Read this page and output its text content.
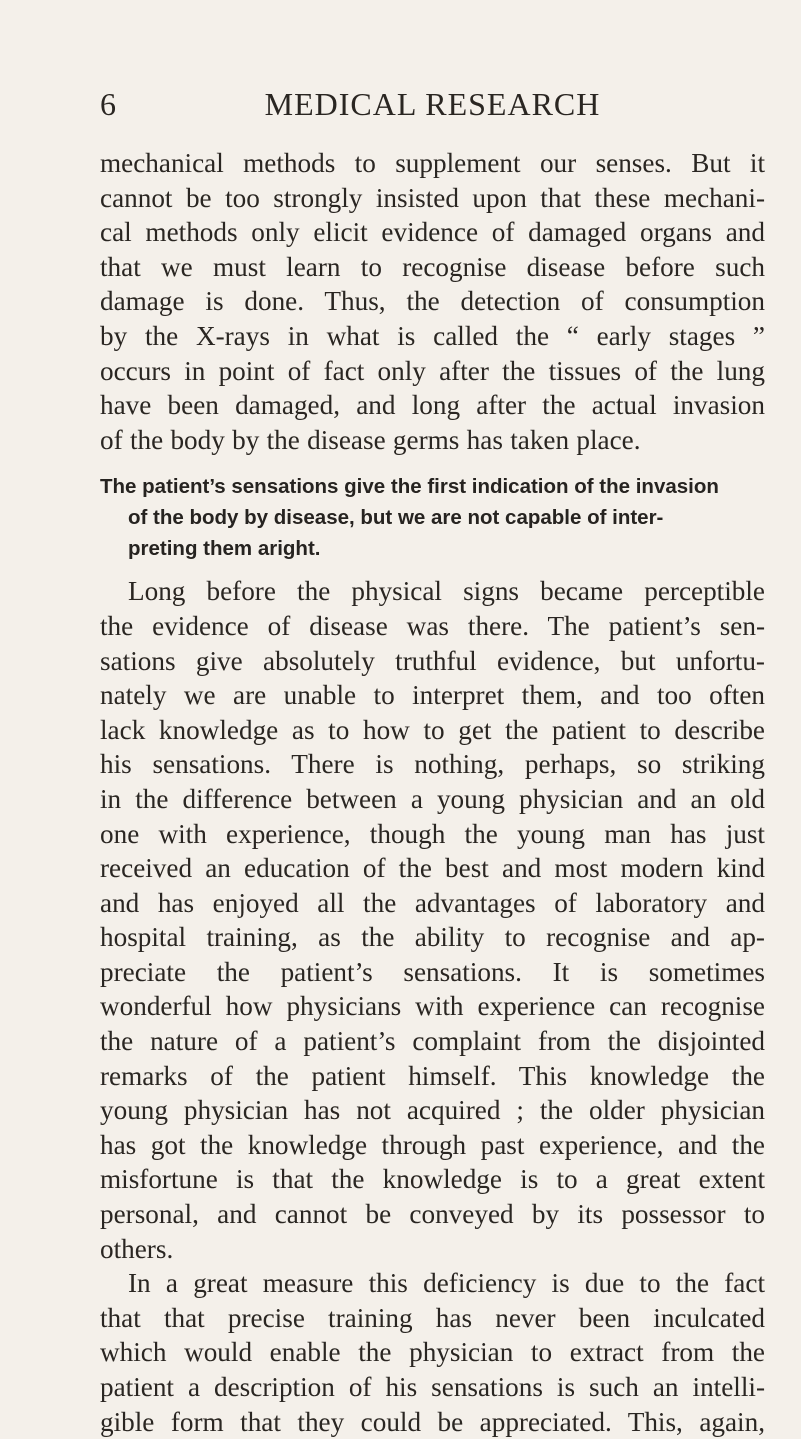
6	MEDICAL RESEARCH

mechanical methods to supplement our senses. But it
cannot be too strongly insisted upon that these mechani-
cal methods only elicit evidence of damaged organs and
that we must learn to recognise disease before such
damage is done. Thus, the detection of consumption
by the X-rays in what is called the “ early stages ”
occurs in point of fact only after the tissues of the lung
have been damaged, and long after the actual invasion
of the body by the disease germs has taken place.

The patient’s sensations give the first indication of the invasion
of the body by disease, but we are not capable of inter-
preting them aright.

Long before the physical signs became perceptible
the evidence of disease was there. The patient’s sen-
sations give absolutely truthful evidence, but unfortu-
nately we are unable to interpret them, and too often
lack knowledge as to how to get the patient to describe
his sensations. There is nothing, perhaps, so striking
in the difference between a young physician and an old
one with experience, though the young man has just
received an education of the best and most modern kind
and has enjoyed all the advantages of laboratory and
hospital training, as the ability to recognise and ap-
preciate the patient’s sensations. It is sometimes
wonderful how physicians with experience can recognise
the nature of a patient’s complaint from the disjointed
remarks of the patient himself. This knowledge the
young physician has not acquired ; the older physician
has got the knowledge through past experience, and the
misfortune is that the knowledge is to a great extent
personal, and cannot be conveyed by its possessor to
others.

In a great measure this deficiency is due to the fact
that that precise training has never been inculcated
which would enable the physician to extract from the
patient a description of his sensations is such an intelli-
gible form that they could be appreciated. This, again,
